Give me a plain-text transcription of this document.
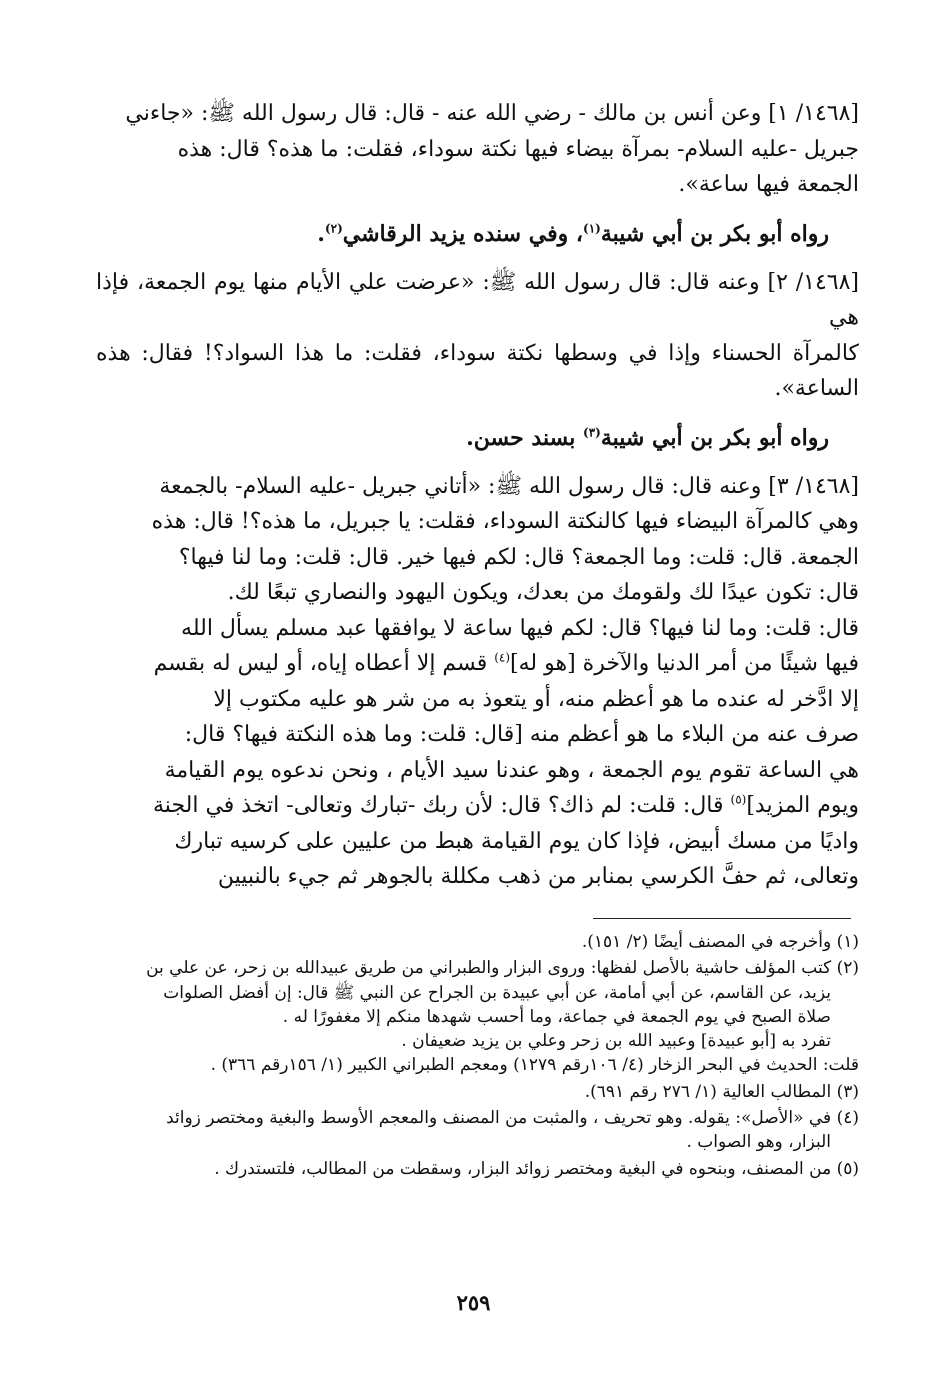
[١٤٦٨/ ١] وعن أنس بن مالك - رضي الله عنه - قال: قال رسول الله ﷺ: «جاءني
جبريل -عليه السلام- بمرآة بيضاء فيها نكتة سوداء، فقلت: ما هذه؟ قال: هذه
الجمعة فيها ساعة».
رواه أبو بكر بن أبي شيبة$^{(١)}$، وفي سنده يزيد الرقاشي$^{(٢)}$.
[١٤٦٨/ ٢] وعنه قال: قال رسول الله ﷺ: «عرضت علي الأيام منها يوم الجمعة، فإذا هي
كالمرآة الحسناء وإذا في وسطها نكتة سوداء، فقلت: ما هذا السواد؟! فقال: هذه الساعة».
رواه أبو بكر بن أبي شيبة$^{(٣)}$ بسند حسن.
[١٤٦٨/ ٣] وعنه قال: قال رسول الله ﷺ: «أتاني جبريل -عليه السلام- بالجمعة
وهي كالمرآة البيضاء فيها كالنكتة السوداء، فقلت: يا جبريل، ما هذه؟! قال: هذه
الجمعة. قال: قلت: وما الجمعة؟ قال: لكم فيها خير. قال: قلت: وما لنا فيها؟
قال: تكون عيدًا لك ولقومك من بعدك، ويكون اليهود والنصاري تبعًا لك.
قال: قلت: وما لنا فيها؟ قال: لكم فيها ساعة لا يوافقها عبد مسلم يسأل الله
فيها شيئًا من أمر الدنيا والآخرة [هو له]$^{(٤)}$ قسم إلا أعطاه إياه، أو ليس له بقسم
إلا ادَّخر له عنده ما هو أعظم منه، أو يتعوذ به من شر هو عليه مكتوب إلا
صرف عنه من البلاء ما هو أعظم منه [قال: قلت: وما هذه النكتة فيها؟ قال:
هي الساعة تقوم يوم الجمعة ، وهو عندنا سيد الأيام ، ونحن ندعوه يوم القيامة
ويوم المزيد]$^{(٥)}$ قال: قلت: لم ذاك؟ قال: لأن ربك -تبارك وتعالى- اتخذ في الجنة
واديًا من مسك أبيض، فإذا كان يوم القيامة هبط من عليين على كرسيه تبارك
وتعالى، ثم حفَّ الكرسي بمنابر من ذهب مكللة بالجوهر ثم جيء بالنبيين
(١) وأخرجه في المصنف أيضًا (٢/ ١٥١).
(٢) كتب المؤلف حاشية بالأصل لفظها: وروى البزار والطبراني من طريق عبيدالله بن زحر، عن علي بن
يزيد، عن القاسم، عن أبي أمامة، عن أبي عبيدة بن الجراح عن النبي ﷺ قال: إن أفضل الصلوات
صلاة الصبح في يوم الجمعة في جماعة، وما أحسب شهدها منكم إلا مغفورًا له .
تفرد به [أبو عبيدة] وعبيد الله بن زحر وعلي بن يزيد ضعيفان .
قلت: الحديث في البحر الزخار (٤/ ١٠٦رقم ١٢٧٩) ومعجم الطبراني الكبير (١/ ١٥٦رقم ٣٦٦) .
(٣) المطالب العالية (١/ ٢٧٦ رقم ٦٩١).
(٤) في «الأصل»: يقوله. وهو تحريف ، والمثبت من المصنف والمعجم الأوسط والبغية ومختصر زوائد
البزار، وهو الصواب .
(٥) من المصنف، وبنحوه في البغية ومختصر زوائد البزار، وسقطت من المطالب، فلتستدرك .
٢٥٩
